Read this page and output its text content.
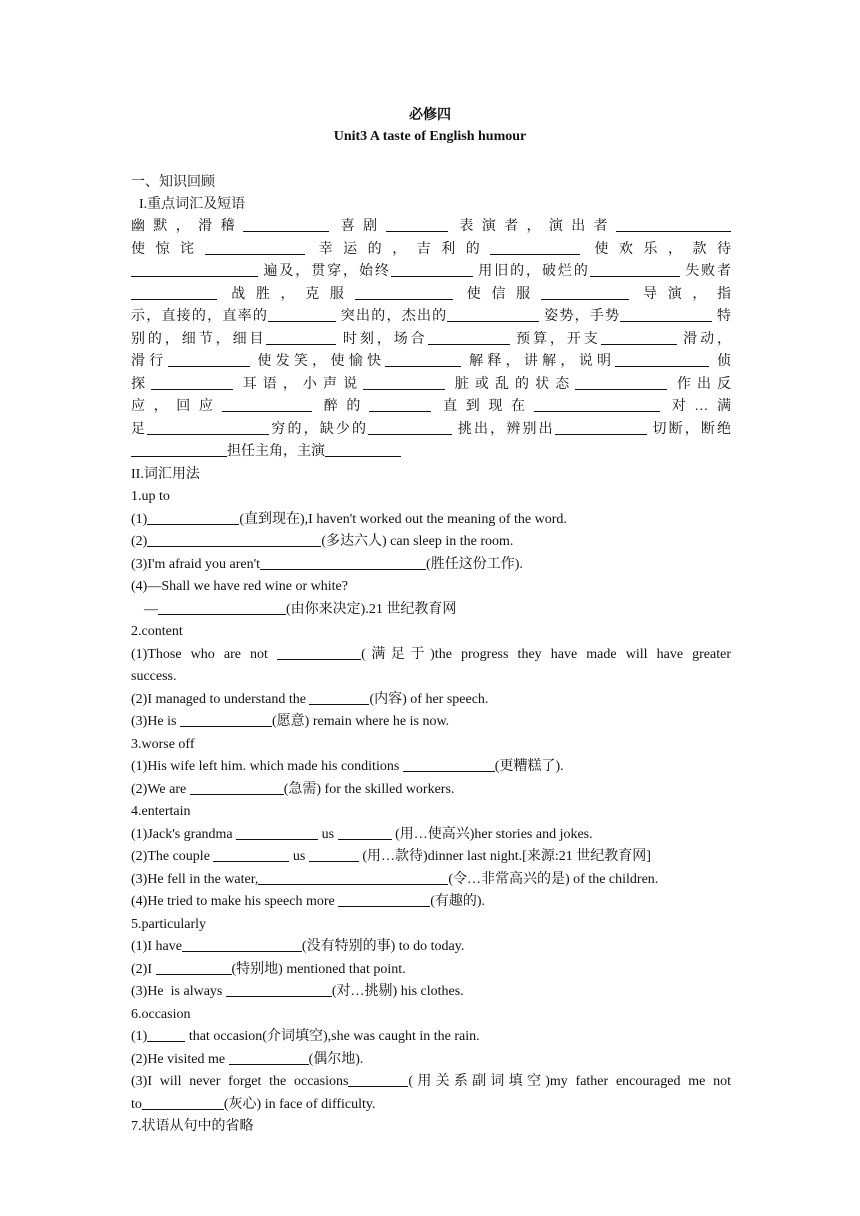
必修四
Unit3 A taste of English humour
一、知识回顾
I.重点词汇及短语
幽默，滑稽	喜剧	表演者，演出者
使惊诧	幸运的，吉利的	使欢乐，款待
遍及，贯穿，始终	用旧的，破烂的	失败者
战胜，克服	使信服	导演，指
示，直接的，直率的	突出的，杰出的	姿势，手势	特
别的，细节，细目	时刻，场合	预算，开支	滑动，
滑行	使发笑，使愉快	解释，讲解，说明	侦
探	耳语，小声说	脏或乱的状态	作出反
应，回应	醉的	直到现在	对…满
足	穷的，缺少的	挑出，辨别出	切断，断绝
担任主角，主演
II.词汇用法
1.up to
(1)	(直到现在),I haven't worked out the meaning of the word.
(2)	(多达六人) can sleep in the room.
(3)I'm afraid you aren't	(胜任这份工作).
(4)—Shall we have red wine or white?
—	(由你来决定).21 世纪教育网
2.content
(1)Those who are not	(满足于)the progress they have made will have greater
success.
(2)I managed to understand the	(内容) of her speech.
(3)He is	(愿意) remain where he is now.
3.worse off
(1)His wife left him. which made his conditions	(更糟糕了).
(2)We are	(急需) for the skilled workers.
4.entertain
(1)Jack's grandma	us	(用…使高兴)her stories and jokes.
(2)The couple	us	(用…款待)dinner last night.[来源:21 世纪教育网]
(3)He fell in the water,	(令…非常高兴的是) of the children.
(4)He tried to make his speech more	(有趣的).
5.particularly
(1)I have	(没有特别的事) to do today.
(2)I	(特别地) mentioned that point.
(3)He  is always	(对…挑剔) his clothes.
6.occasion
(1)	that occasion(介词填空),she was caught in the rain.
(2)He visited me	(偶尔地).
(3)I will never forget the occasions	(用关系副词填空)my father encouraged me not
to	(灰心) in face of difficulty.
7.状语从句中的省略
